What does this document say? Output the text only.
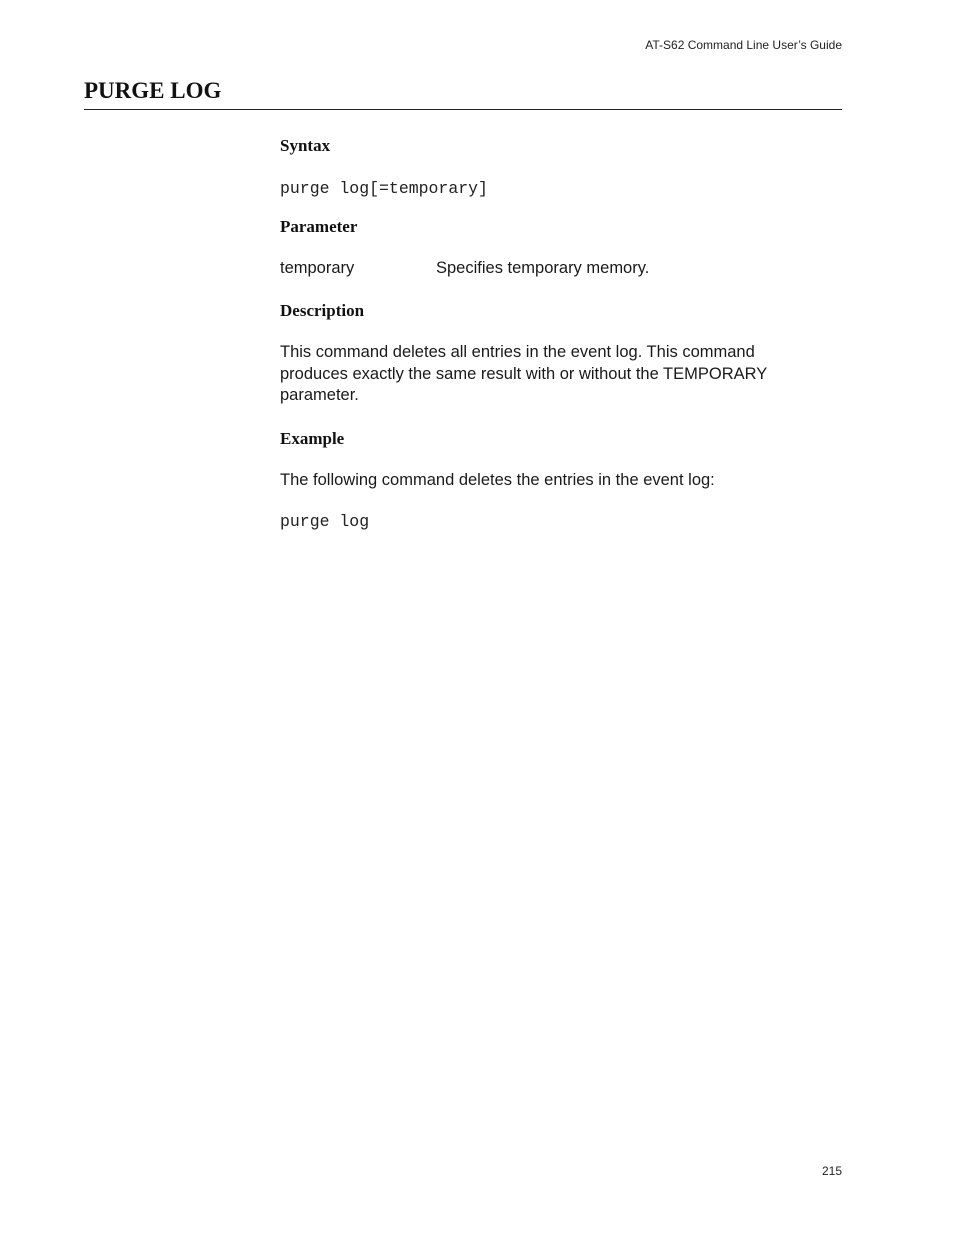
AT-S62 Command Line User’s Guide
PURGE LOG
Syntax
purge log[=temporary]
Parameter
temporary	Specifies temporary memory.
Description

This command deletes all entries in the event log. This command produces exactly the same result with or without the TEMPORARY parameter.

Example

The following command deletes the entries in the event log:

purge log
215
